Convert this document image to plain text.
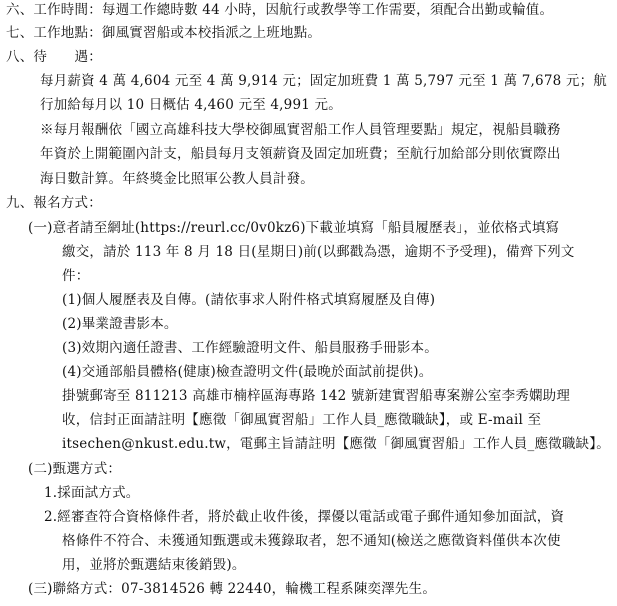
六、工作時間：每週工作總時數 44 小時，因航行或教學等工作需要，須配合出勤或輪值。
七、工作地點：御風實習船或本校指派之上班地點。
八、待　　遇：
每月薪資 4 萬 4,604 元至 4 萬 9,914 元；固定加班費 1 萬 5,797 元至 1 萬 7,678 元；航
行加給每月以 10 日概估 4,460 元至 4,991 元。
※每月報酬依「國立高雄科技大學校御風實習船工作人員管理要點」規定，視船員職務
年資於上開範圍內計支，船員每月支領薪資及固定加班費；至航行加給部分則依實際出
海日數計算。年終獎金比照軍公教人員計發。
九、報名方式：
(一)意者請至網址(https://reurl.cc/0v0kz6)下載並填寫「船員履歷表」，並依格式填寫
繳交，請於 113 年 8 月 18 日(星期日)前(以郵戳為憑，逾期不予受理)，備齊下列文
件：
(1)個人履歷表及自傳。(請依事求人附件格式填寫履歷及自傳)
(2)畢業證書影本。
(3)效期內適任證書、工作經驗證明文件、船員服務手冊影本。
(4)交通部船員體格(健康)檢查證明文件(最晚於面試前提供)。
掛號郵寄至 811213 高雄市楠梓區海專路 142 號新建實習船專案辦公室李秀嫻助理
收，信封正面請註明【應徵「御風實習船」工作人員_應徵職缺】，或 E-mail 至
itsechen@nkust.edu.tw，電郵主旨請註明【應徵「御風實習船」工作人員_應徵職缺】。
(二)甄選方式：
1.採面試方式。
2.經審查符合資格條件者，將於截止收件後，擇優以電話或電子郵件通知參加面試，資
格條件不符合、未獲通知甄選或未獲錄取者，恕不通知(檢送之應徵資料僅供本次使
用，並將於甄選結束後銷毀)。
(三)聯絡方式：07-3814526 轉 22440，輪機工程系陳奕澤先生。
